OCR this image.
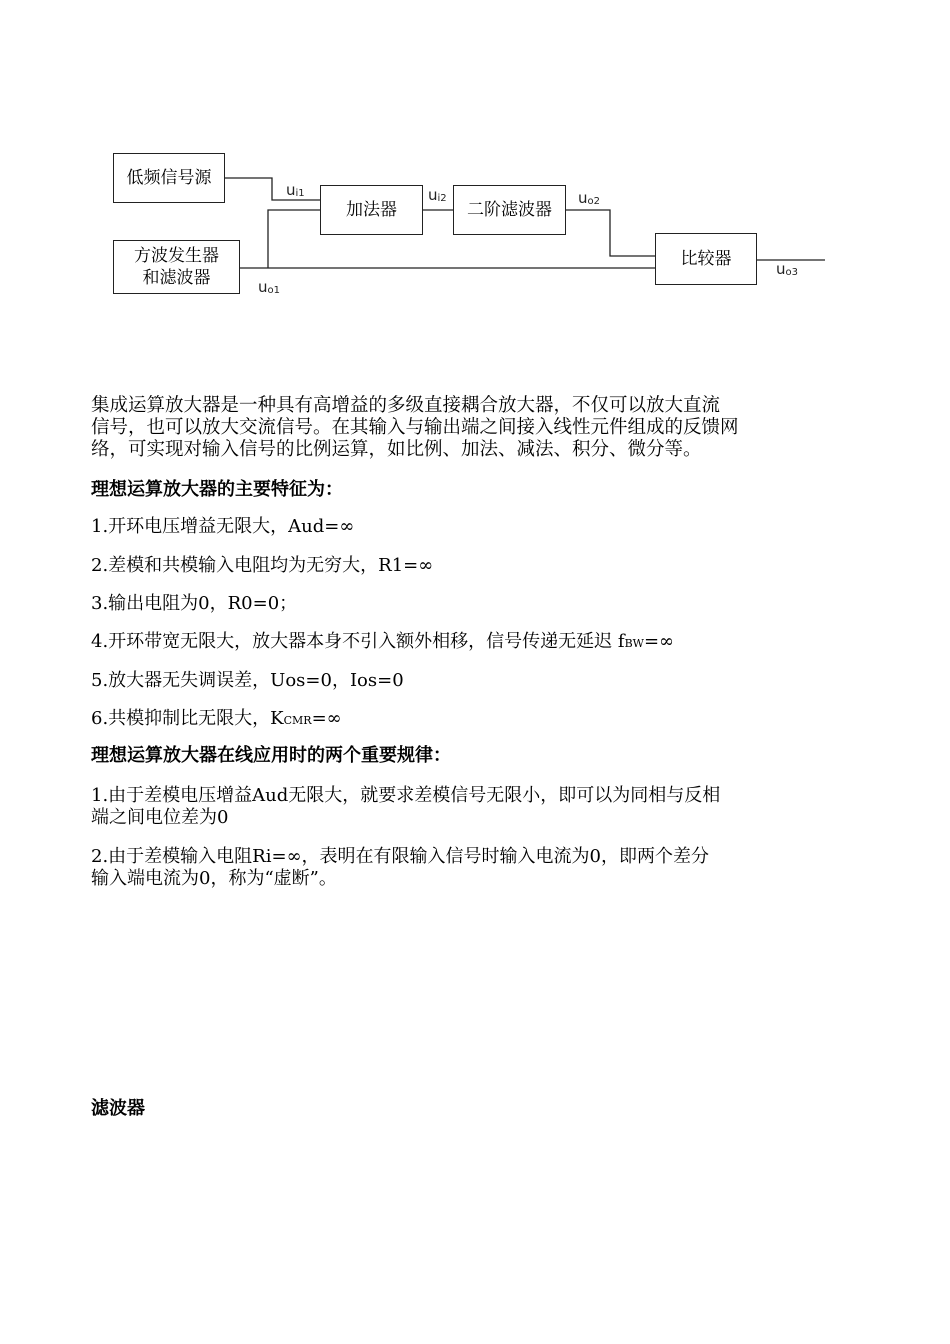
低频信号源
方波发生器
和滤波器
加法器	二阶滤波器
比较器
$u_{i1}$	$u_{i2}$	$u_{o2}$
$u_{o1}$
$u_{o3}$
集成运算放大器是一种具有高增益的多级直接耦合放大器，不仅可以放大直流
信号，也可以放大交流信号。在其输入与输出端之间接入线性元件组成的反馈网
络，可实现对输入信号的比例运算，如比例、加法、减法、积分、微分等。
理想运算放大器的主要特征为：
1.开环电压增益无限大，Aud=∞
2.差模和共模输入电阻均为无穷大，R1=∞
3.输出电阻为0，R0=0；
4.开环带宽无限大，放大器本身不引入额外相移，信号传递无延迟 fBW=∞
5.放大器无失调误差，Uos=0，Ios=0
6.共模抑制比无限大，KCMR=∞
理想运算放大器在线应用时的两个重要规律：
1.由于差模电压增益Aud无限大，就要求差模信号无限小，即可以为同相与反相
端之间电位差为0
2.由于差模输入电阻Ri=∞，表明在有限输入信号时输入电流为0，即两个差分
输入端电流为0，称为“虚断”。
滤波器
